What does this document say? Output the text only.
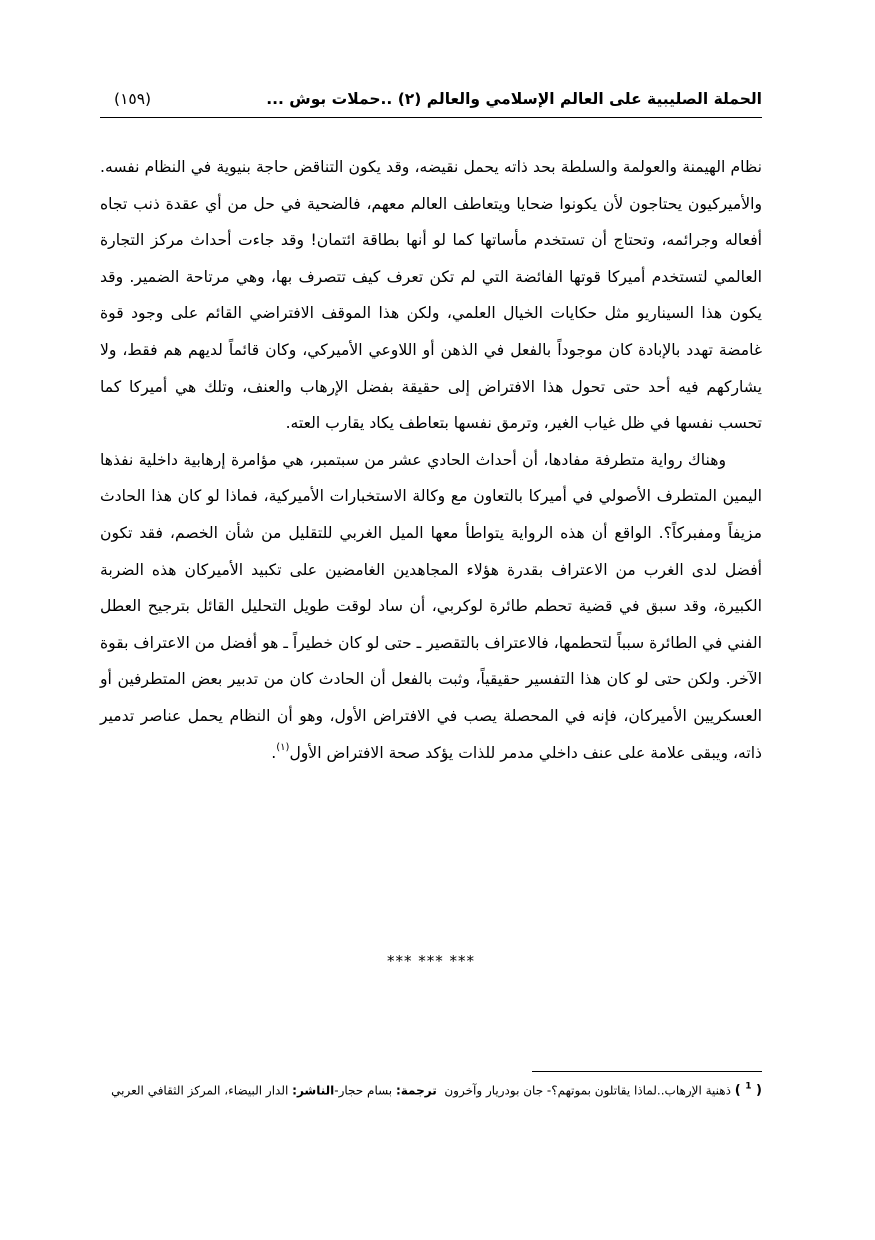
الحملة الصليبية على العالم الإسلامي والعالم (٢) ..حملات بوش ...
(١٥٩)

نظام الهيمنة والعولمة والسلطة بحد ذاته يحمل نقيضه، وقد يكون التناقض حاجة بنيوية في النظام نفسه. والأميركيون يحتاجون لأن يكونوا ضحايا ويتعاطف العالم معهم، فالضحية في حل من أي عقدة ذنب تجاه أفعاله وجرائمه، وتحتاج أن تستخدم مأساتها كما لو أنها بطاقة ائتمان! وقد جاءت أحداث مركز التجارة العالمي لتستخدم أميركا قوتها الفائضة التي لم تكن تعرف كيف تتصرف بها، وهي مرتاحة الضمير. وقد يكون هذا السيناريو مثل حكايات الخيال العلمي، ولكن هذا الموقف الافتراضي القائم على وجود قوة غامضة تهدد بالإبادة كان موجوداً بالفعل في الذهن أو اللاوعي الأميركي، وكان قائماً لديهم هم فقط، ولا يشاركهم فيه أحد حتى تحول هذا الافتراض إلى حقيقة بفضل الإرهاب والعنف، وتلك هي أميركا كما تحسب نفسها في ظل غياب الغير، وترمق نفسها بتعاطف يكاد يقارب العته.

وهناك رواية متطرفة مفادها، أن أحداث الحادي عشر من سبتمبر، هي مؤامرة إرهابية داخلية نفذها اليمين المتطرف الأصولي في أميركا بالتعاون مع وكالة الاستخبارات الأميركية، فماذا لو كان هذا الحادث مزيفاً ومفبركاً؟. الواقع أن هذه الرواية يتواطأ معها الميل الغربي للتقليل من شأن الخصم، فقد تكون أفضل لدى الغرب من الاعتراف بقدرة هؤلاء المجاهدين الغامضين على تكبيد الأميركان هذه الضربة الكبيرة، وقد سبق في قضية تحطم طائرة لوكربي، أن ساد لوقت طويل التحليل القائل بترجيح العطل الفني في الطائرة سبباً لتحطمها، فالاعتراف بالتقصير ـ حتى لو كان خطيراً ـ هو أفضل من الاعتراف بقوة الآخر. ولكن حتى لو كان هذا التفسير حقيقياً، وثبت بالفعل أن الحادث كان من تدبير بعض المتطرفين أو العسكريين الأميركان، فإنه في المحصلة يصب في الافتراض الأول، وهو أن النظام يحمل عناصر تدمير ذاته، ويبقى علامة على عنف داخلي مدمر للذات يؤكد صحة الافتراض الأول$^{(١)}$.

*** *** ***
( $^1$ ) ذهنية الإرهاب..لماذا يقاتلون بموتهم؟- جان بودريار وآخرون  ترجمة: بسام حجار-الناشر: الدار البيضاء، المركز الثقافي العربي
